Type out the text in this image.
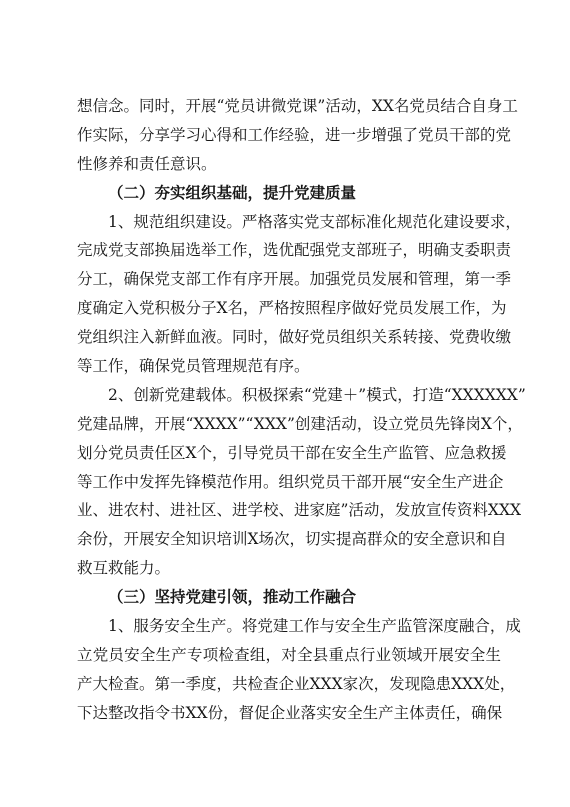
想信念。同时，开展“党员讲微党课”活动，XX名党员结合自身工
作实际，分享学习心得和工作经验，进一步增强了党员干部的党
性修养和责任意识。
（二）夯实组织基础，提升党建质量
1、规范组织建设。严格落实党支部标准化规范化建设要求，
完成党支部换届选举工作，选优配强党支部班子，明确支委职责
分工，确保党支部工作有序开展。加强党员发展和管理，第一季
度确定入党积极分子X名，严格按照程序做好党员发展工作，为
党组织注入新鲜血液。同时，做好党员组织关系转接、党费收缴
等工作，确保党员管理规范有序。
2、创新党建载体。积极探索“党建＋”模式，打造“XXXXXX”
党建品牌，开展“XXXX”“XXX”创建活动，设立党员先锋岗X个，
划分党员责任区X个，引导党员干部在安全生产监管、应急救援
等工作中发挥先锋模范作用。组织党员干部开展“安全生产进企
业、进农村、进社区、进学校、进家庭”活动，发放宣传资料XXX
余份，开展安全知识培训X场次，切实提高群众的安全意识和自
救互救能力。
（三）坚持党建引领，推动工作融合
1、服务安全生产。将党建工作与安全生产监管深度融合，成
立党员安全生产专项检查组，对全县重点行业领域开展安全生
产大检查。第一季度，共检查企业XXX家次，发现隐患XXX处，
下达整改指令书XX份，督促企业落实安全生产主体责任，确保
